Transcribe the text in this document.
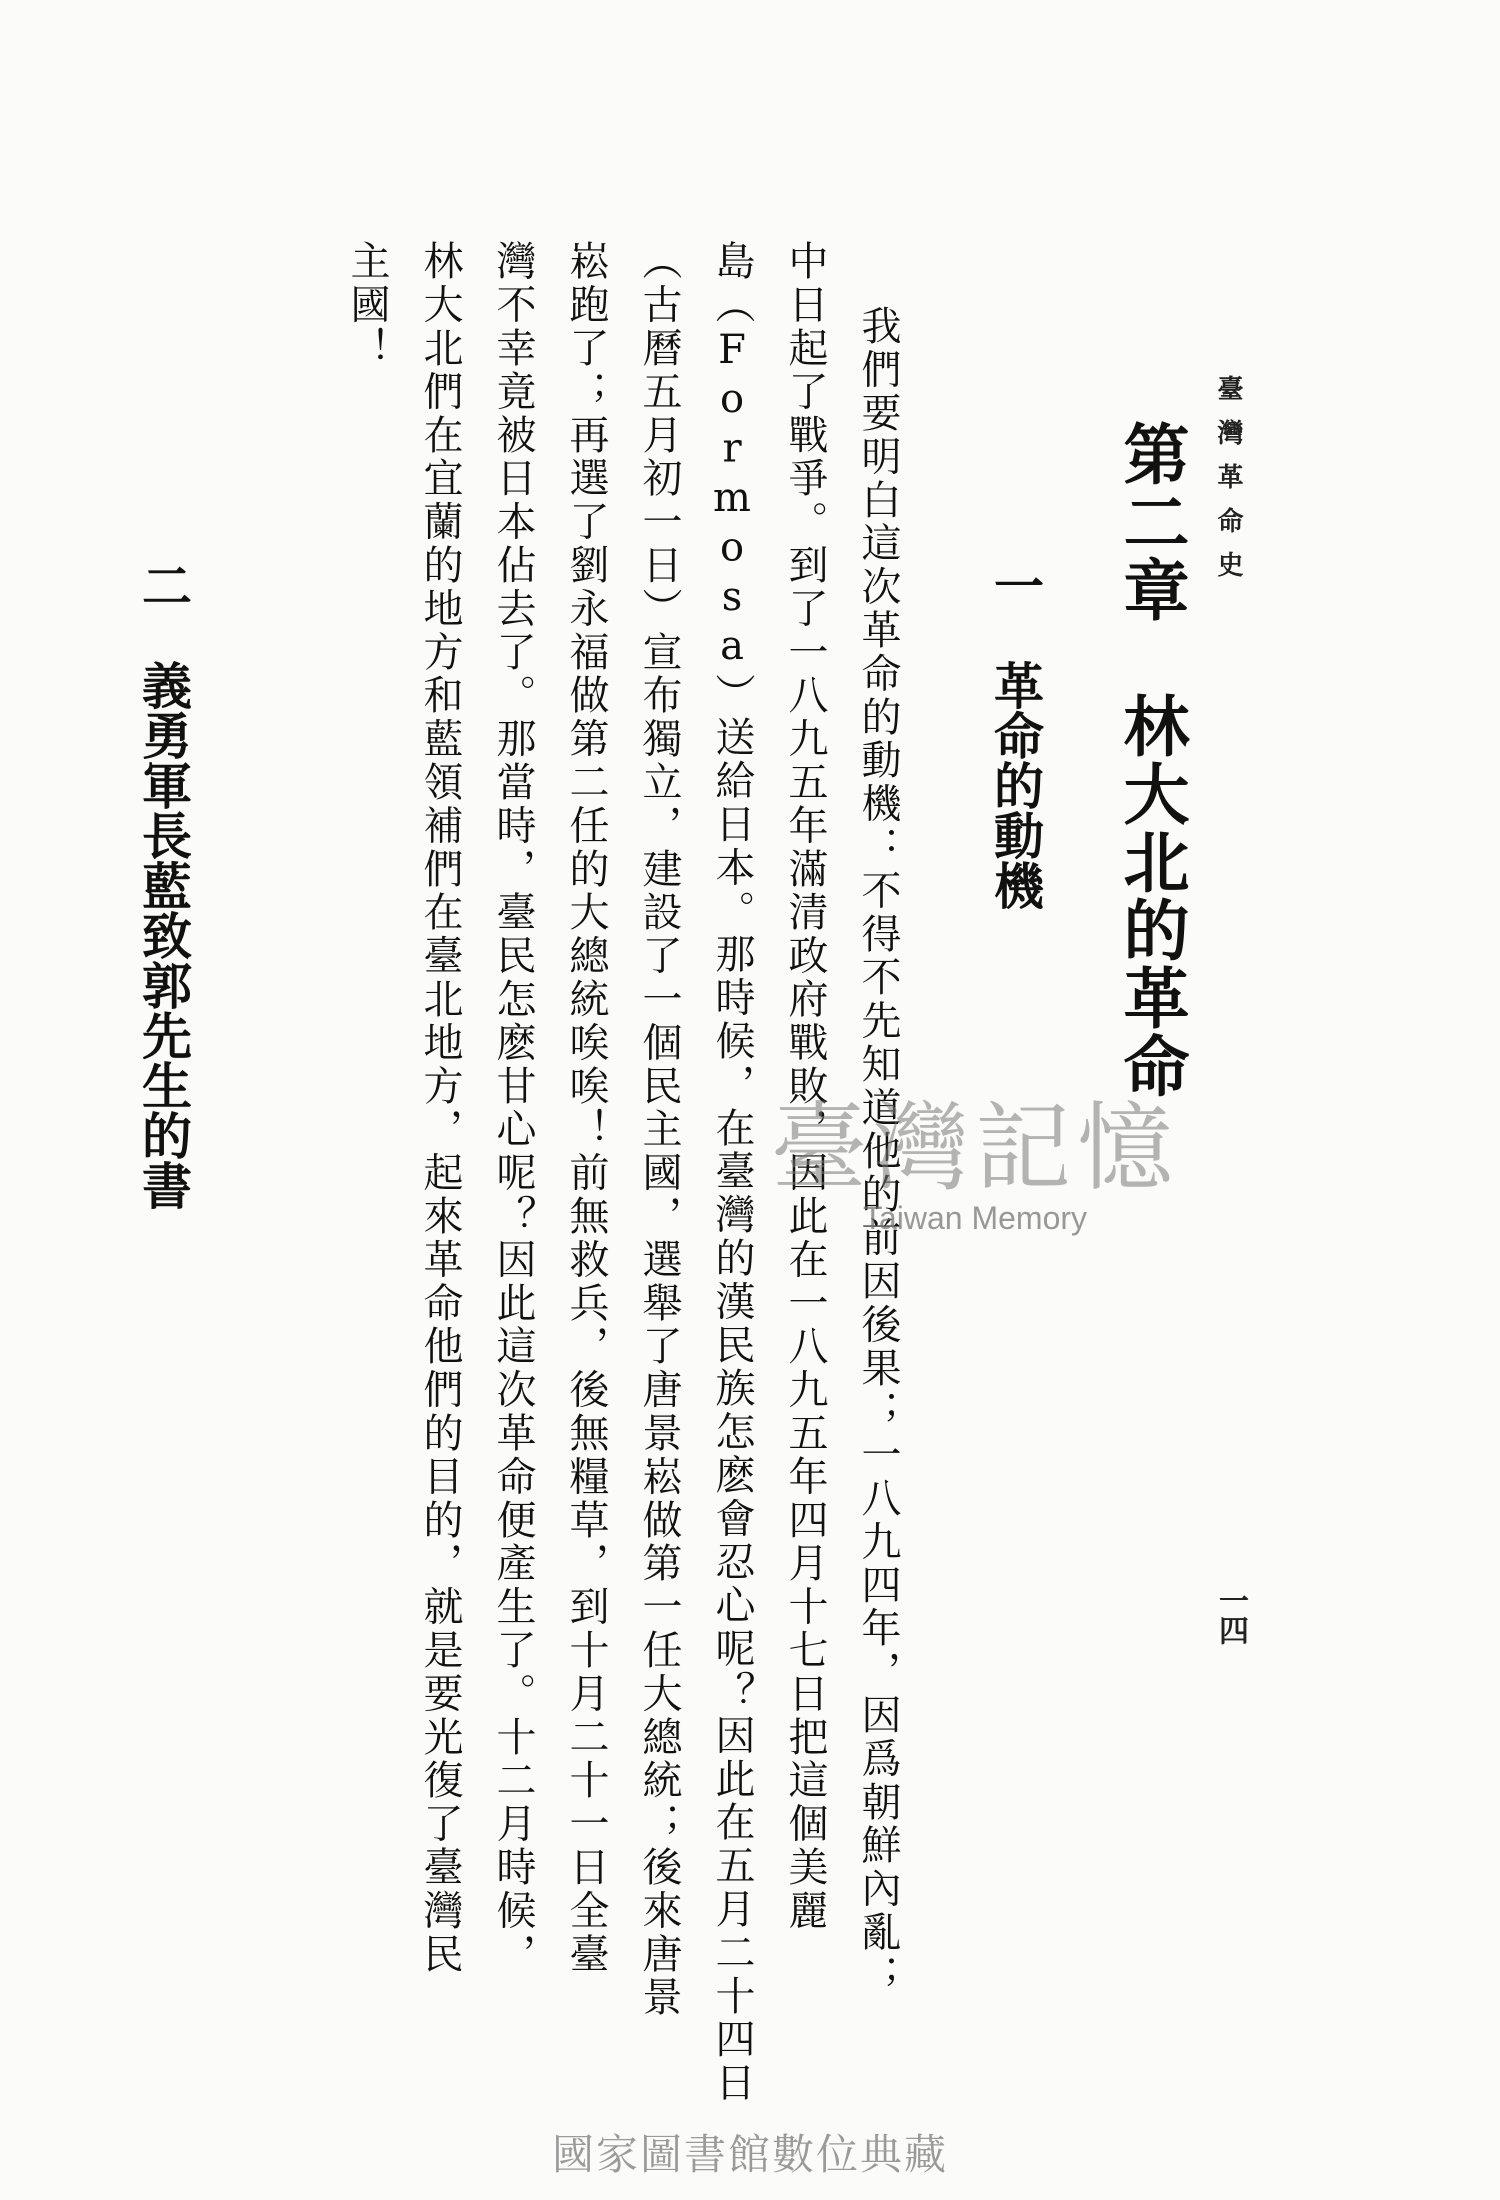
臺灣革命史
一四
第二章　林大北的革命
一　革命的動機
我們要明白這次革命的動機：不得不先知道他的前因後果；一八九四年，因爲朝鮮內亂；
中日起了戰爭。到了一八九五年滿清政府戰敗，因此在一八九五年四月十七日把這個美麗
島（Formosa）送給日本。那時候，在臺灣的漢民族怎麽會忍心呢？因此在五月二十四日
（古曆五月初一日）宣布獨立，建設了一個民主國，選舉了唐景崧做第一任大總統；後來唐景
崧跑了；再選了劉永福做第二任的大總統唉唉！前無救兵，後無糧草，到十月二十一日全臺
灣不幸竟被日本佔去了。那當時，臺民怎麽甘心呢？因此這次革命便產生了。十二月時候，
林大北們在宜蘭的地方和藍領補們在臺北地方，起來革命他們的目的，就是要光復了臺灣民
主國！
二　義勇軍長藍致郭先生的書	臺灣記憶
Taiwan Memory
國家圖書館數位典藏
